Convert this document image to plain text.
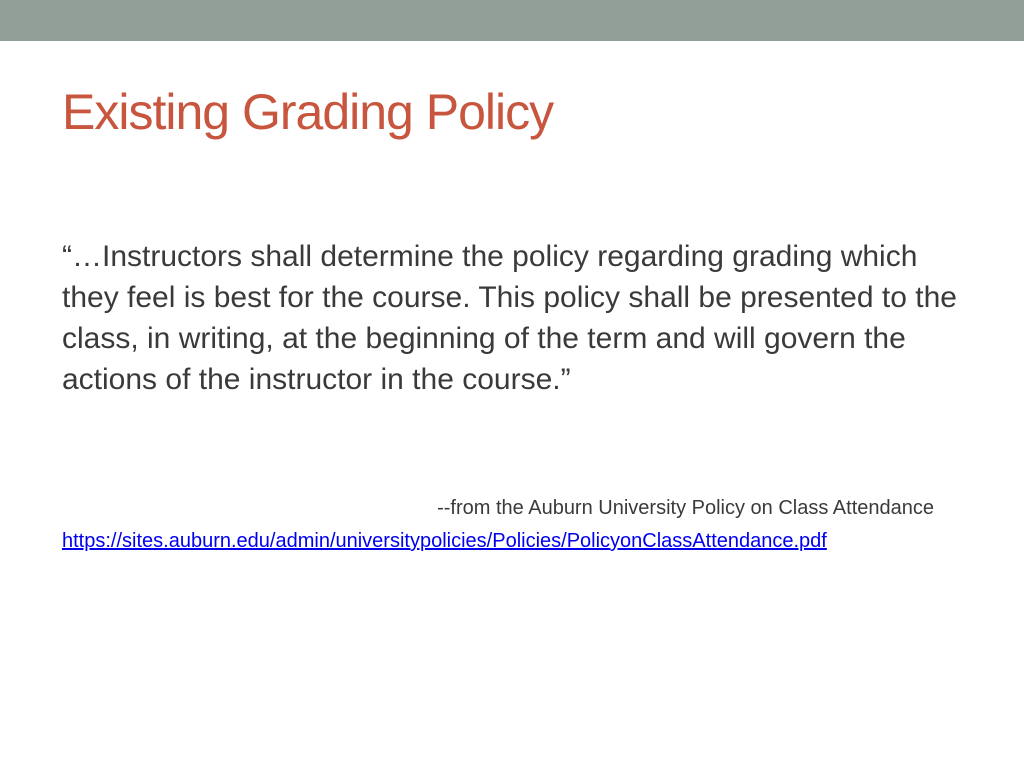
Existing Grading Policy

“…Instructors shall determine the policy regarding grading which they feel is best for the course. This policy shall be presented to the class, in writing, at the beginning of the term and will govern the actions of the instructor in the course.”

--from the Auburn University Policy on Class Attendance

https://sites.auburn.edu/admin/universitypolicies/Policies/PolicyonClassAttendance.pdf
